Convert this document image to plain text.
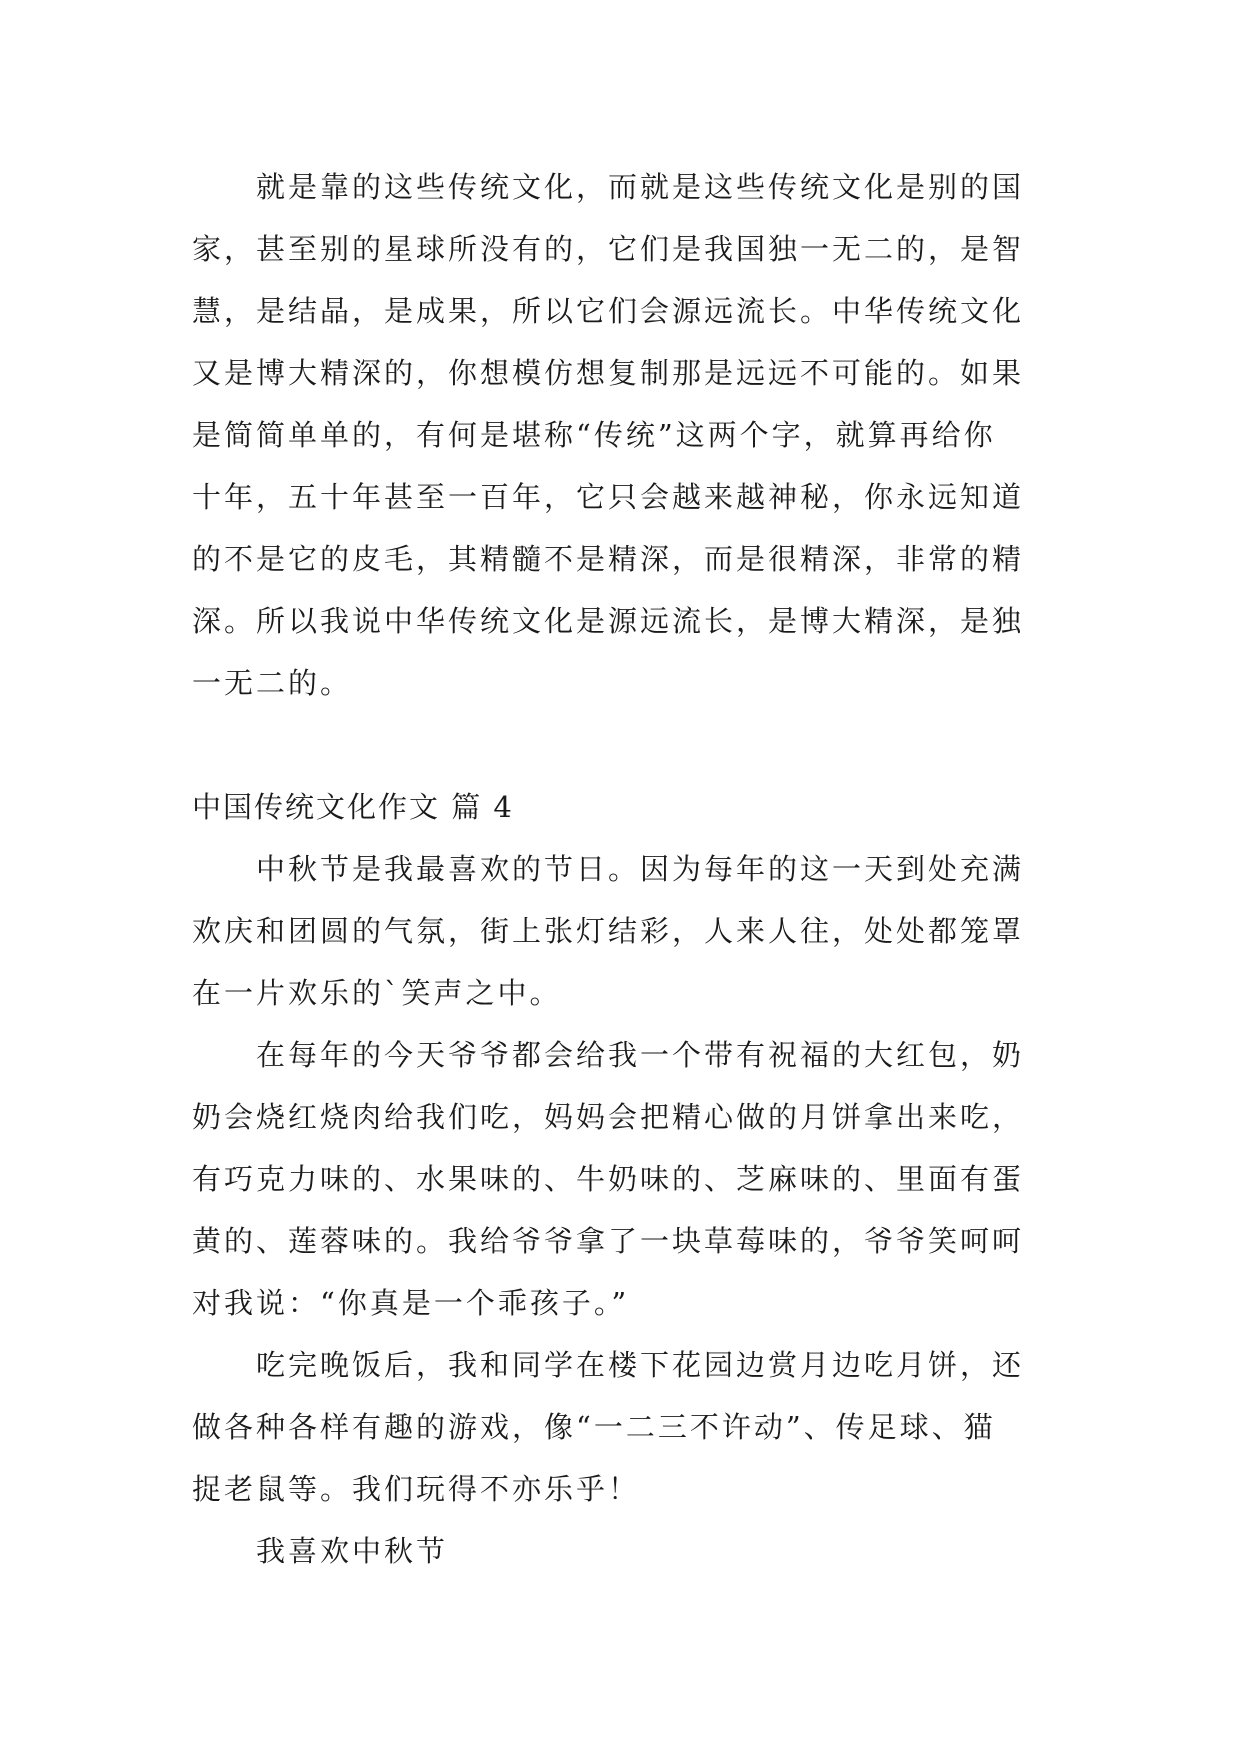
就是靠的这些传统文化，而就是这些传统文化是别的国
家，甚至别的星球所没有的，它们是我国独一无二的，是智
慧，是结晶，是成果，所以它们会源远流长。中华传统文化
又是博大精深的，你想模仿想复制那是远远不可能的。如果
是简简单单的，有何是堪称“传统”这两个字，就算再给你
十年，五十年甚至一百年，它只会越来越神秘，你永远知道
的不是它的皮毛，其精髓不是精深，而是很精深，非常的精
深。所以我说中华传统文化是源远流长，是博大精深，是独
一无二的。
中国传统文化作文 篇 4
中秋节是我最喜欢的节日。因为每年的这一天到处充满
欢庆和团圆的气氛，街上张灯结彩，人来人往，处处都笼罩
在一片欢乐的`笑声之中。
在每年的今天爷爷都会给我一个带有祝福的大红包，奶
奶会烧红烧肉给我们吃，妈妈会把精心做的月饼拿出来吃，
有巧克力味的、水果味的、牛奶味的、芝麻味的、里面有蛋
黄的、莲蓉味的。我给爷爷拿了一块草莓味的，爷爷笑呵呵
对我说：“你真是一个乖孩子。”
吃完晚饭后，我和同学在楼下花园边赏月边吃月饼，还
做各种各样有趣的游戏，像“一二三不许动”、传足球、猫
捉老鼠等。我们玩得不亦乐乎！
我喜欢中秋节
